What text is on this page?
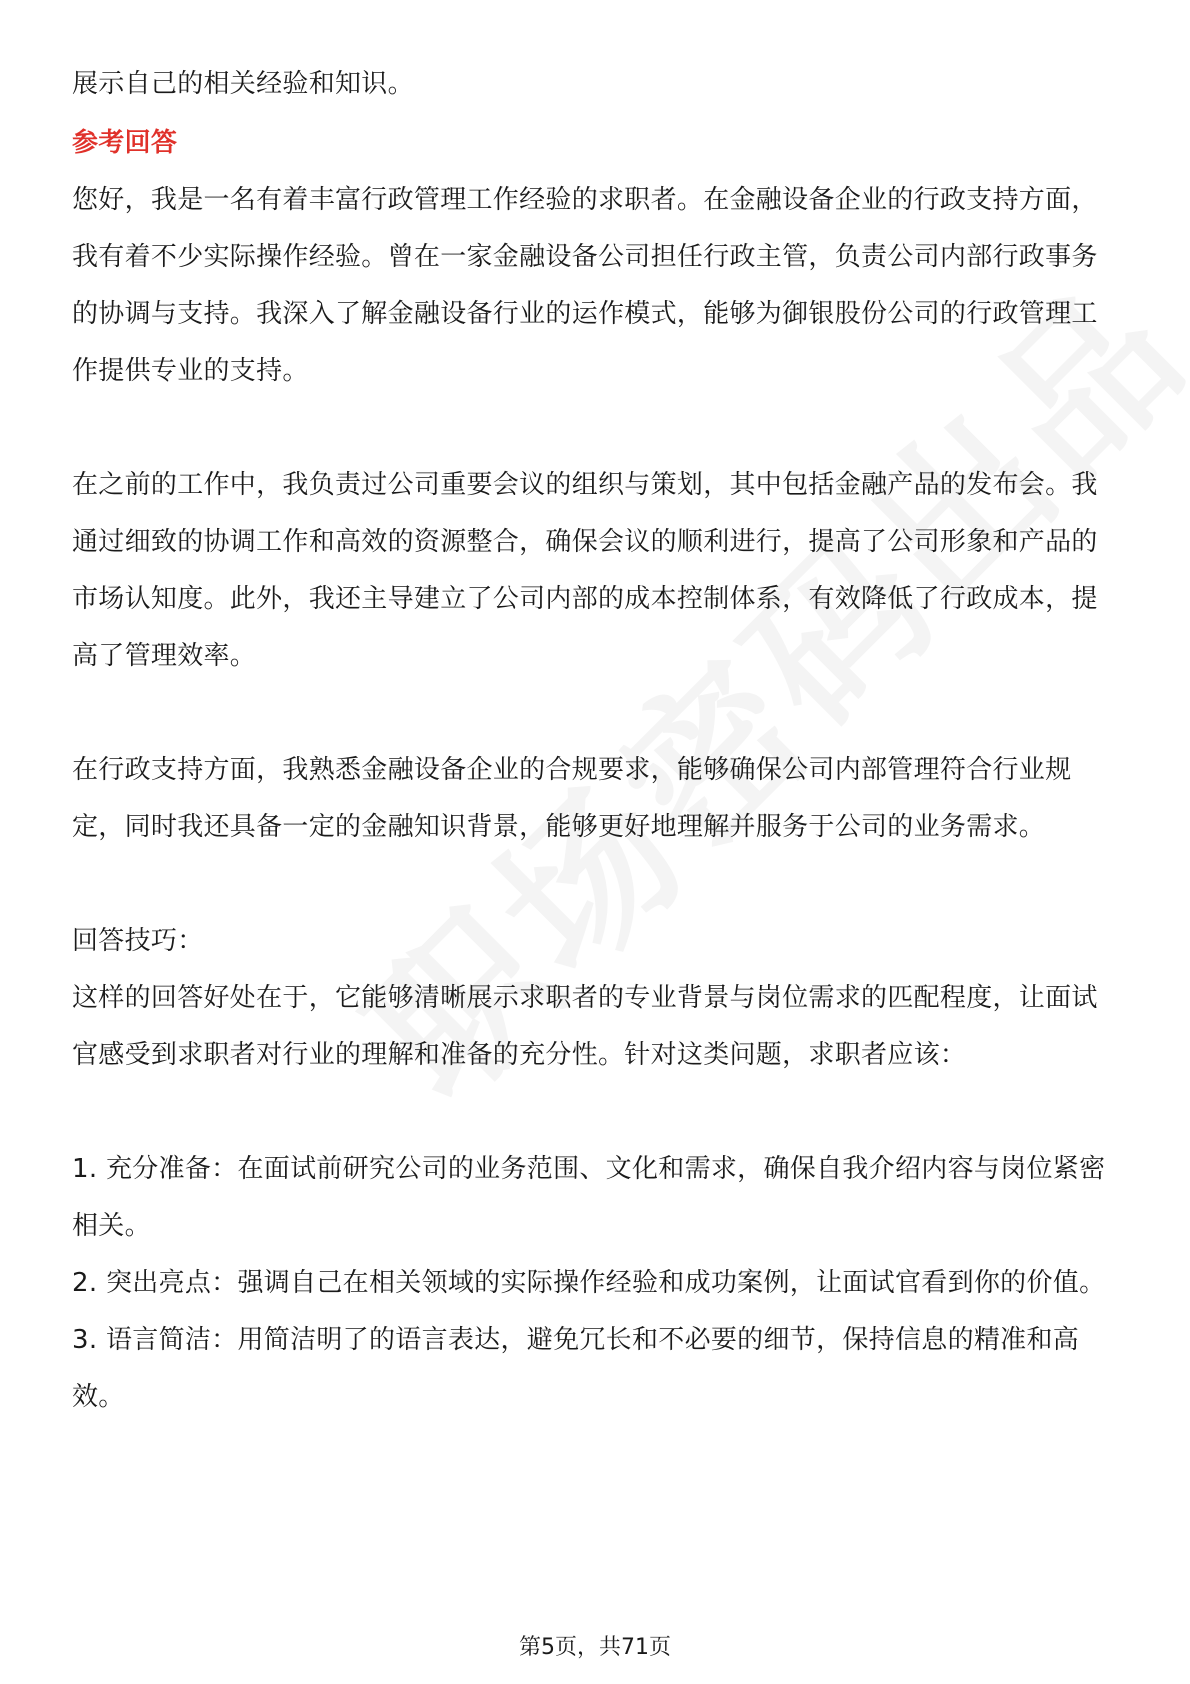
展示自己的相关经验和知识。

参考回答

您好，我是一名有着丰富行政管理工作经验的求职者。在金融设备企业的行政支持方面，我有着不少实际操作经验。曾在一家金融设备公司担任行政主管，负责公司内部行政事务的协调与支持。我深入了解金融设备行业的运作模式，能够为御银股份公司的行政管理工作提供专业的支持。

在之前的工作中，我负责过公司重要会议的组织与策划，其中包括金融产品的发布会。我通过细致的协调工作和高效的资源整合，确保会议的顺利进行，提高了公司形象和产品的市场认知度。此外，我还主导建立了公司内部的成本控制体系，有效降低了行政成本，提高了管理效率。

在行政支持方面，我熟悉金融设备企业的合规要求，能够确保公司内部管理符合行业规定，同时我还具备一定的金融知识背景，能够更好地理解并服务于公司的业务需求。

回答技巧：

这样的回答好处在于，它能够清晰展示求职者的专业背景与岗位需求的匹配程度，让面试官感受到求职者对行业的理解和准备的充分性。针对这类问题，求职者应该：

1. 充分准备：在面试前研究公司的业务范围、文化和需求，确保自我介绍内容与岗位紧密相关。

2. 突出亮点：强调自己在相关领域的实际操作经验和成功案例，让面试官看到你的价值。

3. 语言简洁：用简洁明了的语言表达，避免冗长和不必要的细节，保持信息的精准和高效。

第5页，共71页
